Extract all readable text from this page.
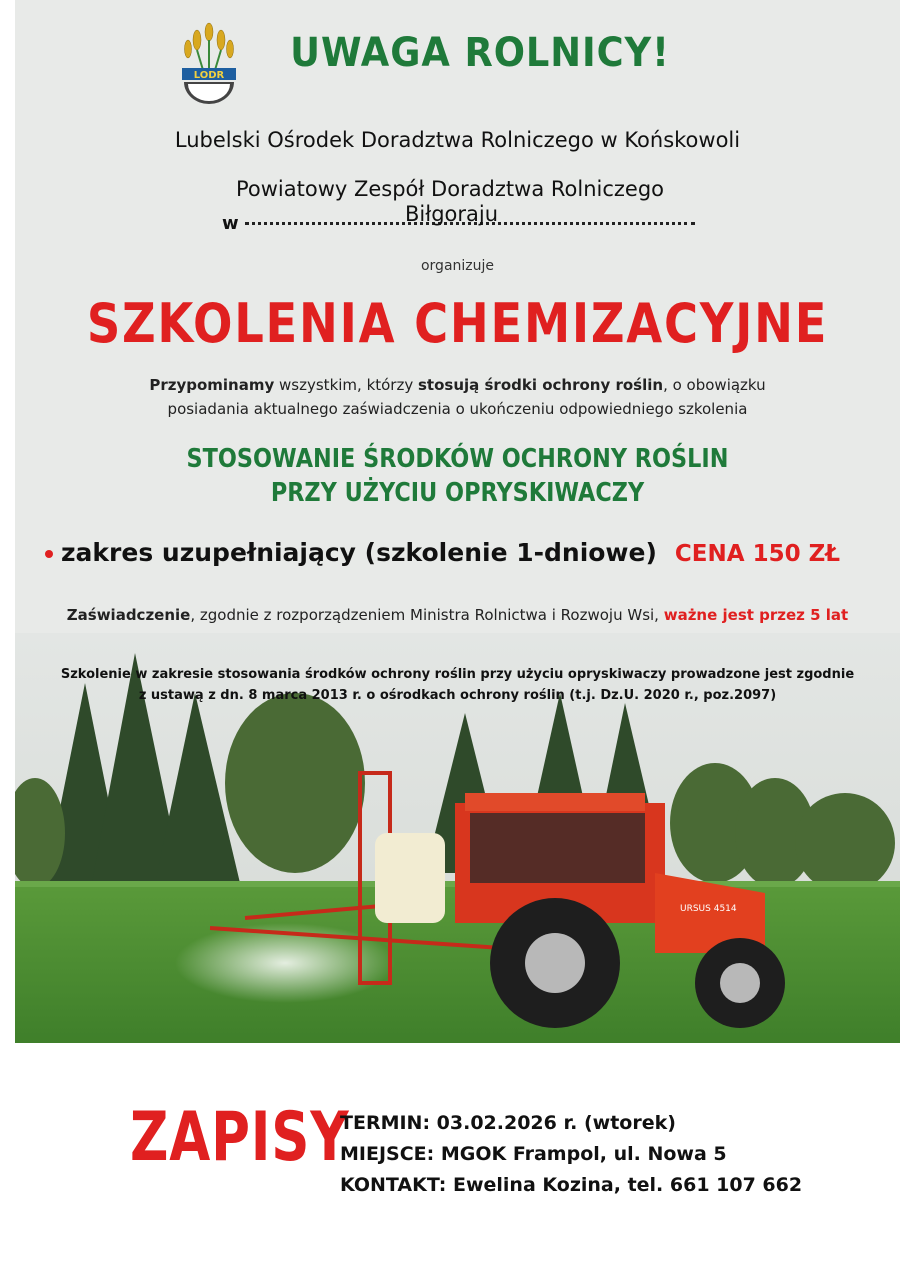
LODR	UWAGA ROLNICY!
Lubelski Ośrodek Doradztwa Rolniczego w Końskowoli
Powiatowy Zespół Doradztwa Rolniczego
w	Biłgoraju
organizuje
SZKOLENIA CHEMIZACYJNE
Przypominamy wszystkim, którzy stosują środki ochrony roślin, o obowiązku
posiadania aktualnego zaświadczenia o ukończeniu odpowiedniego szkolenia
STOSOWANIE ŚRODKÓW OCHRONY ROŚLIN
PRZY UŻYCIU OPRYSKIWACZY
zakres uzupełniający (szkolenie 1-dniowe) CENA 150 ZŁ
Zaświadczenie, zgodnie z rozporządzeniem Ministra Rolnictwa i Rozwoju Wsi, ważne jest przez 5 lat
URSUS 4514
Szkolenie w zakresie stosowania środków ochrony roślin przy użyciu opryskiwaczy prowadzone jest zgodnie
z ustawą z dn. 8 marca 2013 r. o ośrodkach ochrony roślin (t.j. Dz.U. 2020 r., poz.2097)
ZAPISY
TERMIN: 03.02.2026 r. (wtorek)
MIEJSCE: MGOK Frampol, ul. Nowa 5
KONTAKT: Ewelina Kozina, tel. 661 107 662
